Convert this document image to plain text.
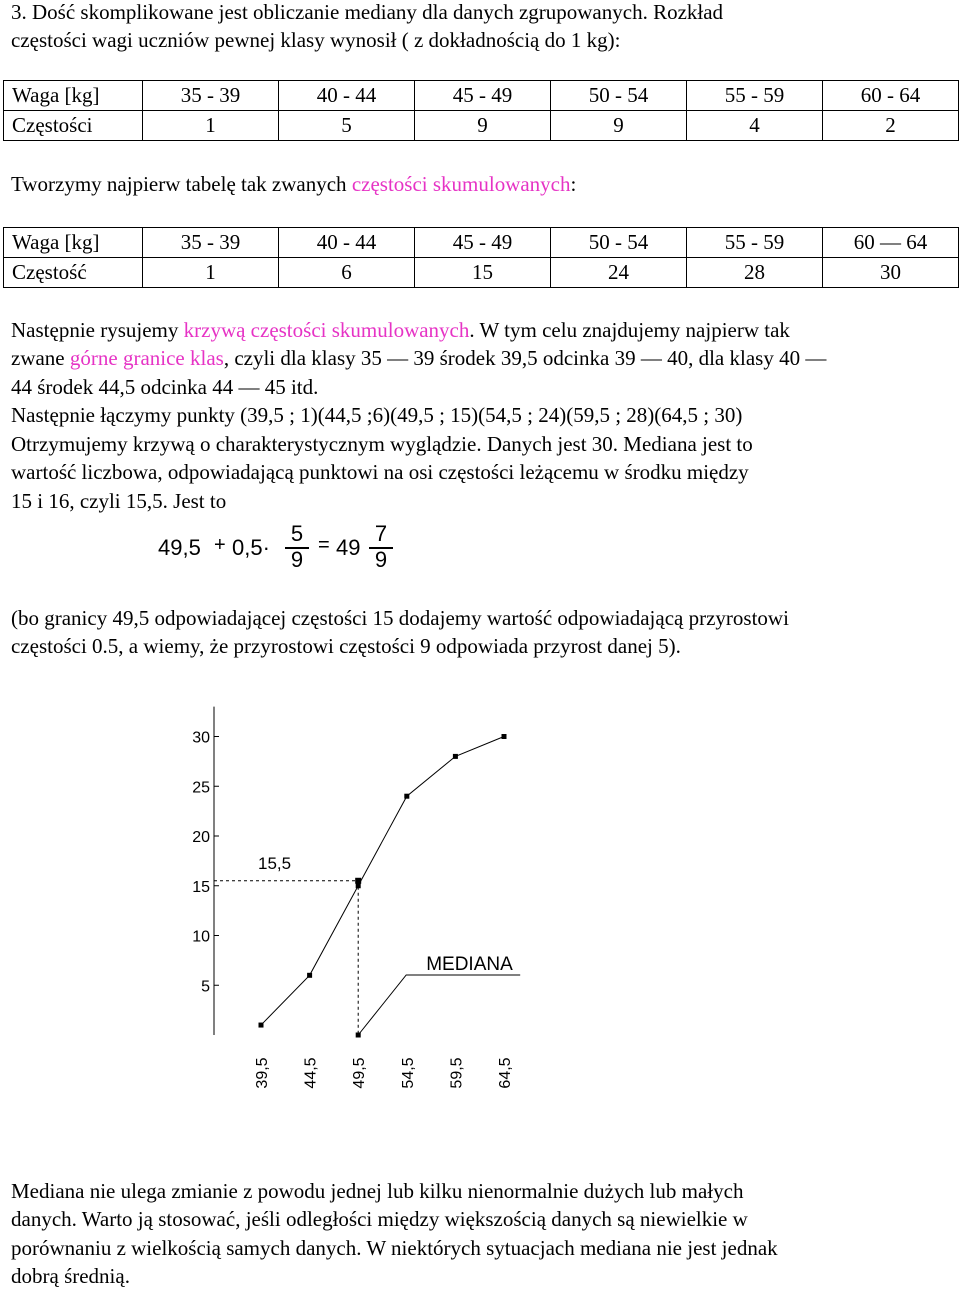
3. Dość skomplikowane jest obliczanie mediany dla danych zgrupowanych. Rozkład
częstości wagi uczniów pewnej klasy wynosił ( z dokładnością do 1 kg):
Waga [kg]	35 - 39	40 - 44	45 - 49	50 - 54	55 - 59	60 - 64
Częstości	1	5	9	9	4	2
Tworzymy najpierw tabelę tak zwanych częstości skumulowanych:
Waga [kg]	35 - 39	40 - 44	45 - 49	50 - 54	55 - 59	60 — 64
Częstość	1	6	15	24	28	30
Następnie rysujemy krzywą częstości skumulowanych. W tym celu znajdujemy najpierw tak
zwane górne granice klas, czyli dla klasy 35 — 39 środek 39,5 odcinka 39 — 40, dla klasy 40 —
44 środek 44,5 odcinka 44 — 45 itd.
Następnie łączymy punkty (39,5 ; 1)(44,5 ;6)(49,5 ; 15)(54,5 ; 24)(59,5 ; 28)(64,5 ; 30)
Otrzymujemy krzywą o charakterystycznym wyglądzie. Danych jest 30. Mediana jest to
wartość liczbowa, odpowiadającą punktowi na osi częstości leżącemu w środku między
15 i 16, czyli 15,5. Jest to
49,5 + 0,5·
5
9
= 49
7
9
(bo granicy 49,5 odpowiadającej częstości 15 dodajemy wartość odpowiadającą przyrostowi
częstości 0.5, a wiemy, że przyrostowi częstości 9 odpowiada przyrost danej 5).
5
10
15
20
25
30
39,5 44,5 49,5 54,5 59,5 64,5
15,5
MEDIANA
Mediana nie ulega zmianie z powodu jednej lub kilku nienormalnie dużych lub małych
danych. Warto ją stosować, jeśli odległości między większością danych są niewielkie w
porównaniu z wielkością samych danych. W niektórych sytuacjach mediana nie jest jednak
dobrą średnią.
